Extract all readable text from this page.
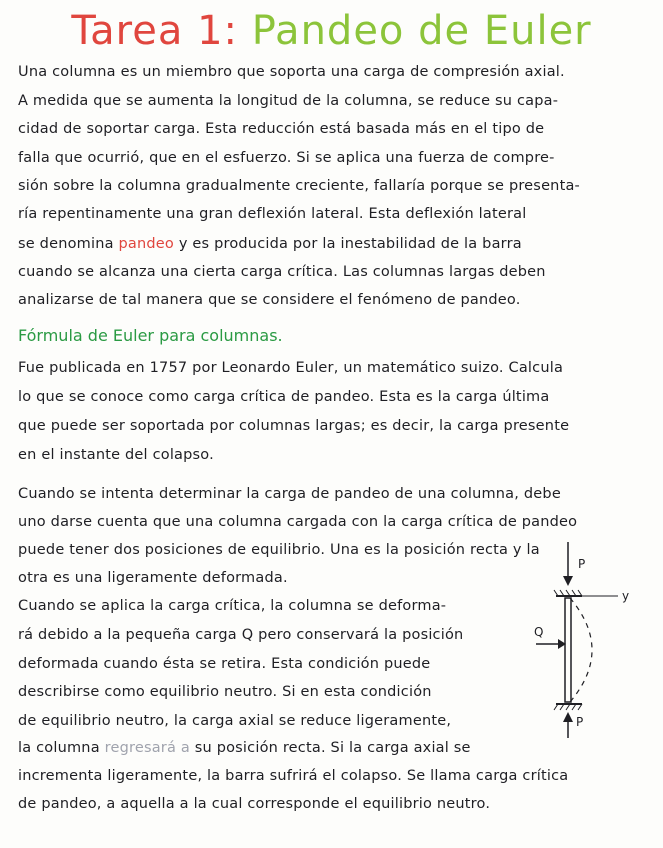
Tarea 1: Pandeo de Euler
Una columna es un miembro que soporta una carga de compresión axial.
A medida que se aumenta la longitud de la columna, se reduce su capa-
cidad de soportar carga. Esta reducción está basada más en el tipo de
falla que ocurrió, que en el esfuerzo. Si se aplica una fuerza de compre-
sión sobre la columna gradualmente creciente, fallaría porque se presenta-
ría repentinamente una gran deflexión lateral. Esta deflexión lateral
se denomina pandeo y es producida por la inestabilidad de la barra
cuando se alcanza una cierta carga crítica. Las columnas largas deben
analizarse de tal manera que se considere el fenómeno de pandeo.
Fórmula de Euler para columnas.
Fue publicada en 1757 por Leonardo Euler, un matemático suizo. Calcula
lo que se conoce como carga crítica de pandeo. Esta es la carga última
que puede ser soportada por columnas largas; es decir, la carga presente
en el instante del colapso.
Cuando se intenta determinar la carga de pandeo de una columna, debe
uno darse cuenta que una columna cargada con la carga crítica de pandeo
puede tener dos posiciones de equilibrio. Una es la posición recta y la
otra es una ligeramente deformada.
Cuando se aplica la carga crítica, la columna se deforma-
rá debido a la pequeña carga Q pero conservará la posición
deformada cuando ésta se retira. Esta condición puede
describirse como equilibrio neutro. Si en esta condición
de equilibrio neutro, la carga axial se reduce ligeramente,
la columna regresará a su posición recta. Si la carga axial se
incrementa ligeramente, la barra sufrirá el colapso. Se llama carga crítica
de pandeo, a aquella a la cual corresponde el equilibrio neutro.
P
y
Q
P
